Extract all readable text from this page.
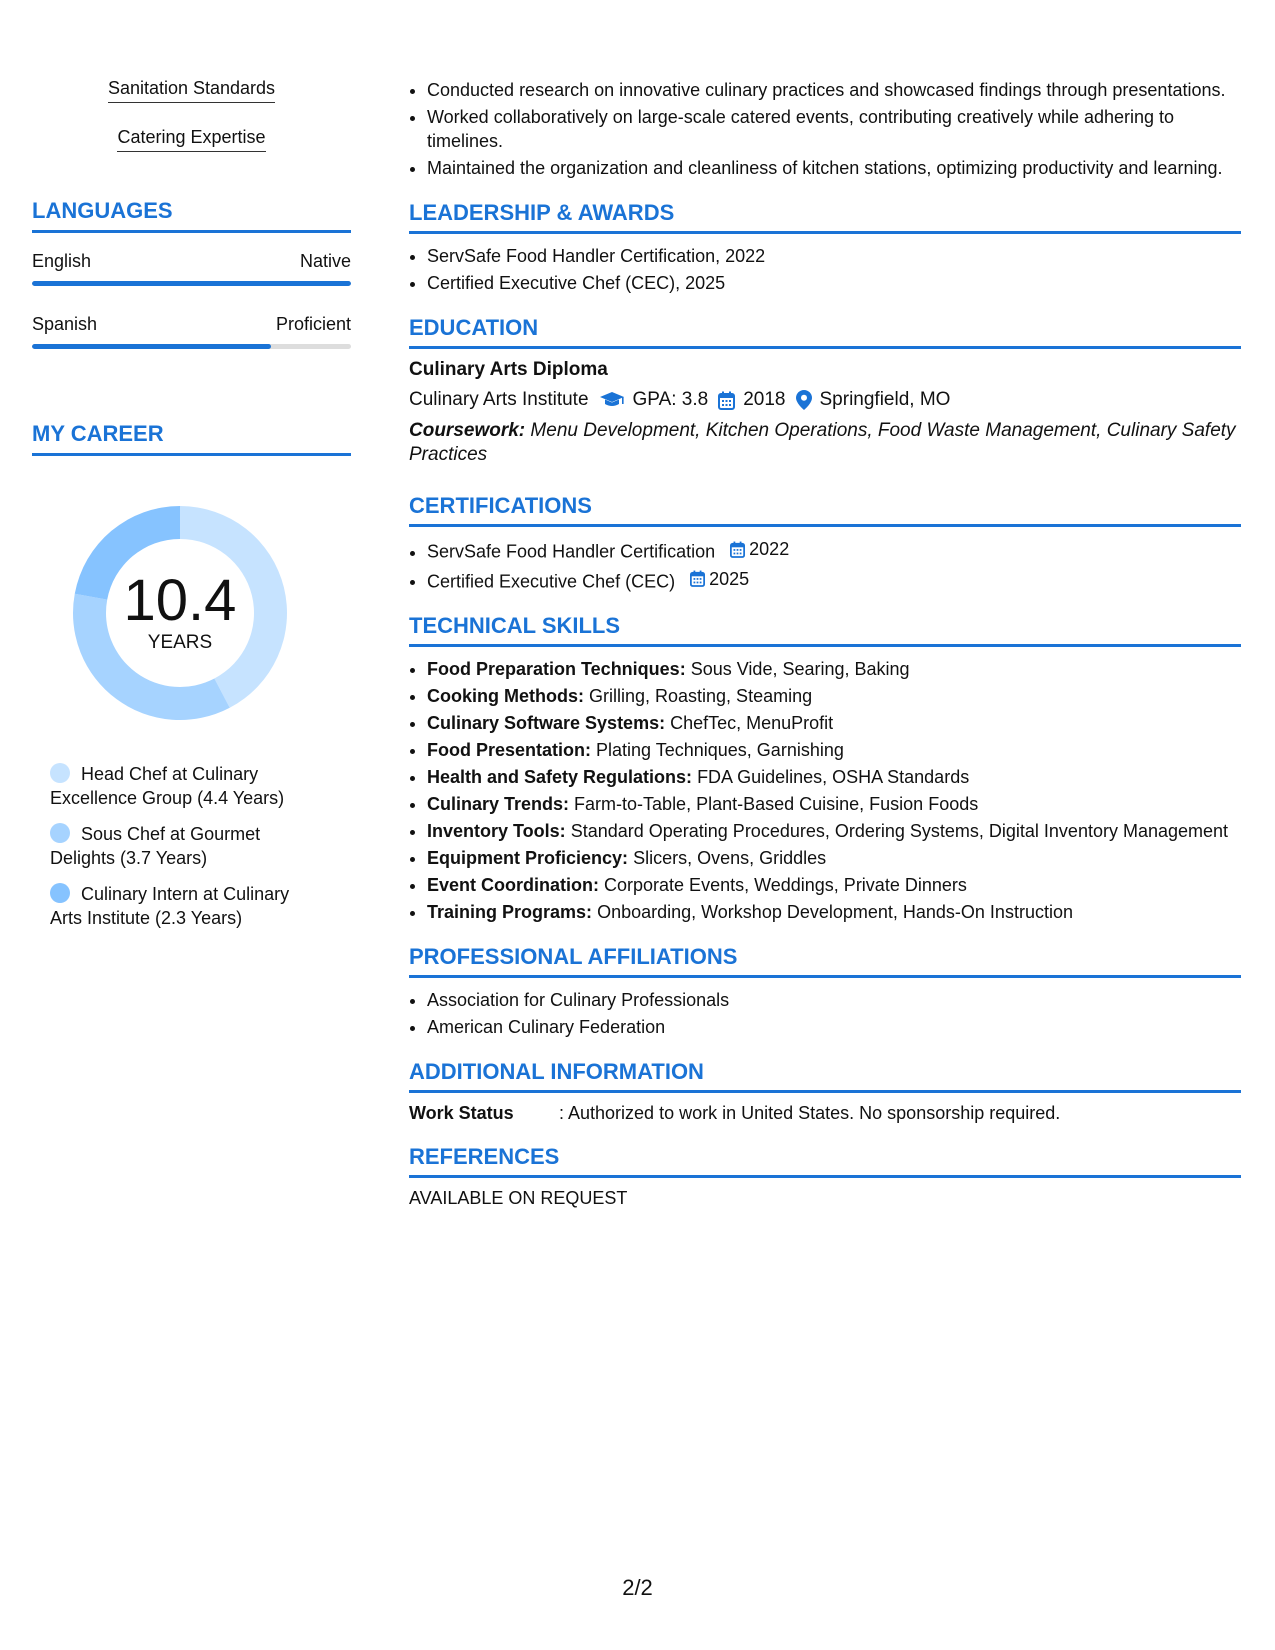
Sanitation Standards
Catering Expertise
LANGUAGES
English	Native
Spanish	Proficient
MY CAREER
10.4
YEARS
Head Chef at Culinary Excellence Group (4.4 Years)
Sous Chef at Gourmet Delights (3.7 Years)
Culinary Intern at Culinary Arts Institute (2.3 Years)
• Conducted research on innovative culinary practices and showcased findings through presentations.
• Worked collaboratively on large-scale catered events, contributing creatively while adhering to timelines.
• Maintained the organization and cleanliness of kitchen stations, optimizing productivity and learning.
LEADERSHIP & AWARDS
• ServSafe Food Handler Certification, 2022
• Certified Executive Chef (CEC), 2025
EDUCATION
Culinary Arts Diploma
Culinary Arts Institute GPA: 3.8 2018 Springfield, MO
Coursework: Menu Development, Kitchen Operations, Food Waste Management, Culinary Safety Practices
CERTIFICATIONS
• ServSafe Food Handler Certification 2022
• Certified Executive Chef (CEC) 2025
TECHNICAL SKILLS
• Food Preparation Techniques: Sous Vide, Searing, Baking
• Cooking Methods: Grilling, Roasting, Steaming
• Culinary Software Systems: ChefTec, MenuProfit
• Food Presentation: Plating Techniques, Garnishing
• Health and Safety Regulations: FDA Guidelines, OSHA Standards
• Culinary Trends: Farm-to-Table, Plant-Based Cuisine, Fusion Foods
• Inventory Tools: Standard Operating Procedures, Ordering Systems, Digital Inventory Management
• Equipment Proficiency: Slicers, Ovens, Griddles
• Event Coordination: Corporate Events, Weddings, Private Dinners
• Training Programs: Onboarding, Workshop Development, Hands-On Instruction
PROFESSIONAL AFFILIATIONS
• Association for Culinary Professionals
• American Culinary Federation
ADDITIONAL INFORMATION
Work Status	: Authorized to work in United States. No sponsorship required.
REFERENCES
AVAILABLE ON REQUEST
2/2
